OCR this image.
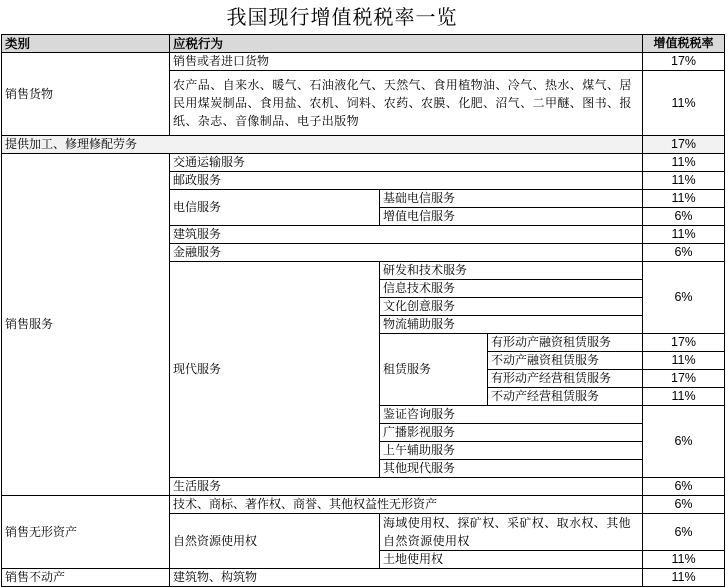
我国现行增值税税率一览
类别	应税行为			增值税税率
销售货物	销售或者进口货物			17%
	农产品、自来水、暖气、石油液化气、天然气、食用植物油、冷气、热水、煤气、居民用煤炭制品、食用盐、农机、饲料、农药、农膜、化肥、沼气、二甲醚、图书、报纸、杂志、音像制品、电子出版物			11%
提供加工、修理修配劳务				17%
销售服务	交通运输服务			11%
	邮政服务			11%
	电信服务	基础电信服务		11%
		增值电信服务		6%
	建筑服务			11%
	金融服务			6%
	现代服务	研发和技术服务		6%
		信息技术服务		
		文化创意服务		
		物流辅助服务		
		租赁服务	有形动产融资租赁服务	17%
			不动产融资租赁服务	11%
			有形动产经营租赁服务	17%
			不动产经营租赁服务	11%
		鉴证咨询服务		6%
		广播影视服务		
		上午辅助服务		
		其他现代服务		
	生活服务			6%
销售无形资产	技术、商标、著作权、商誉、其他权益性无形资产			6%
	自然资源使用权	海域使用权、探矿权、采矿权、取水权、其他自然资源使用权		6%
		土地使用权		11%
销售不动产	建筑物、构筑物			11%
